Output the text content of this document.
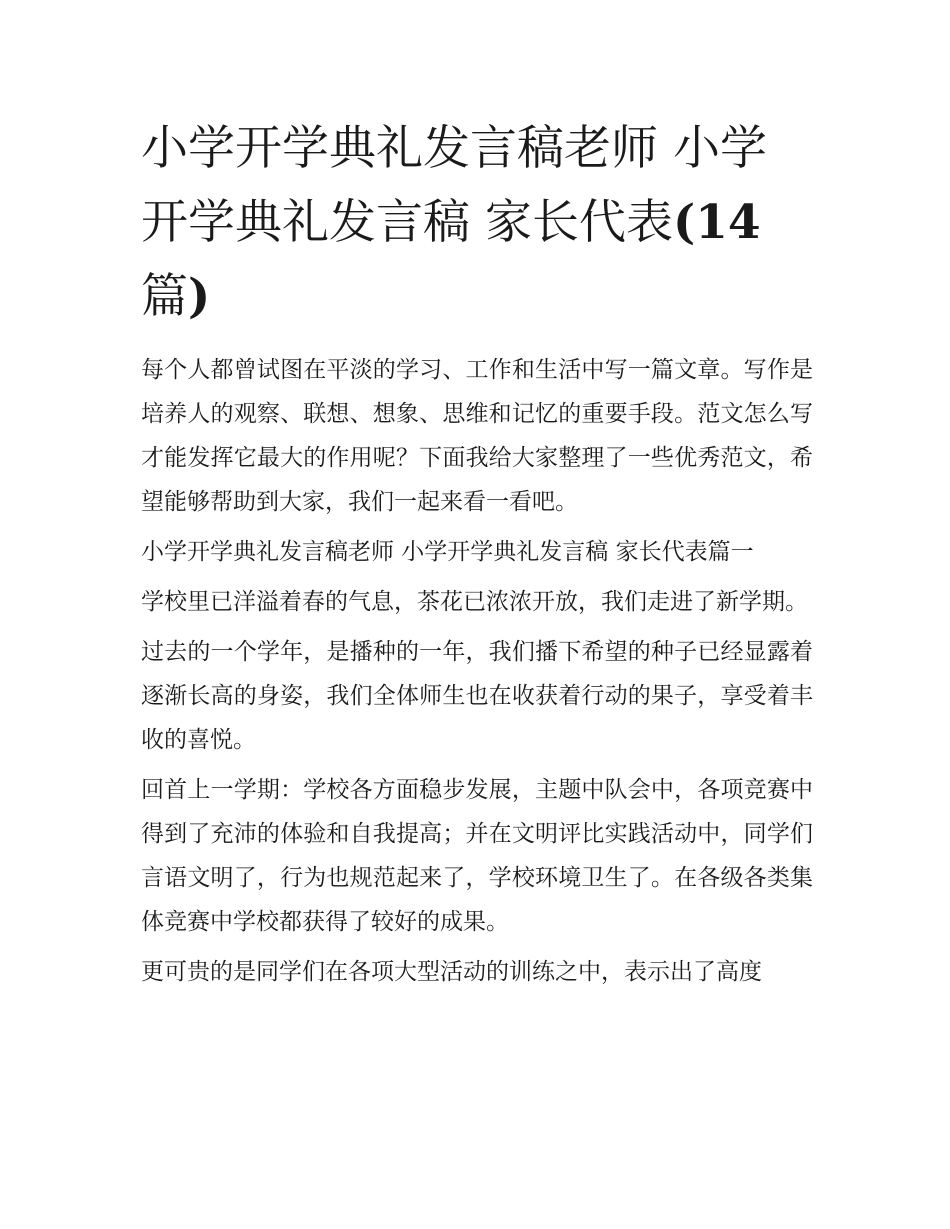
小学开学典礼发言稿老师 小学开学典礼发言稿 家长代表(14
篇)

每个人都曾试图在平淡的学习、工作和生活中写一篇文章。写作是培养人的观察、联想、想象、思维和记忆的重要手段。范文怎么写才能发挥它最大的作用呢？下面我给大家整理了一些优秀范文，希望能够帮助到大家，我们一起来看一看吧。

小学开学典礼发言稿老师 小学开学典礼发言稿 家长代表篇一

学校里已洋溢着春的气息，茶花已浓浓开放，我们走进了新学期。

过去的一个学年，是播种的一年，我们播下希望的种子已经显露着逐渐长高的身姿，我们全体师生也在收获着行动的果子，享受着丰收的喜悦。

回首上一学期：学校各方面稳步发展，主题中队会中，各项竞赛中得到了充沛的体验和自我提高；并在文明评比实践活动中，同学们言语文明了，行为也规范起来了，学校环境卫生了。在各级各类集体竞赛中学校都获得了较好的成果。

更可贵的是同学们在各项大型活动的训练之中，表示出了高度
